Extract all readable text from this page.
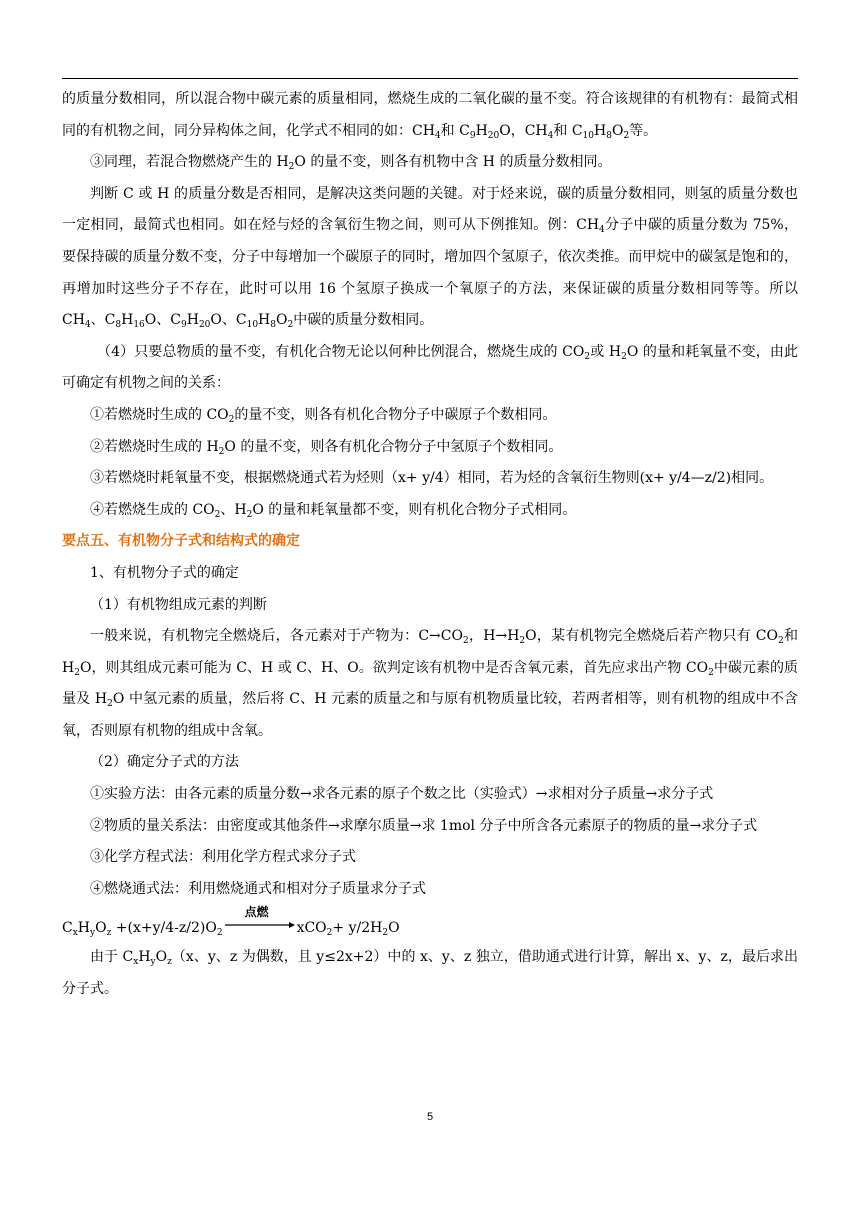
的质量分数相同，所以混合物中碳元素的质量相同，燃烧生成的二氧化碳的量不变。符合该规律的有机物有：最简式相同的有机物之间，同分异构体之间，化学式不相同的如：$CH_4$和 $C_9H_{20}O$，$CH_4$和 $C_{10}H_8O_2$等。

③同理，若混合物燃烧产生的 $H_2O$ 的量不变，则各有机物中含 H 的质量分数相同。

判断 C 或 H 的质量分数是否相同，是解决这类问题的关键。对于烃来说，碳的质量分数相同，则氢的质量分数也一定相同，最简式也相同。如在烃与烃的含氧衍生物之间，则可从下例推知。例：$CH_4$分子中碳的质量分数为 75%，要保持碳的质量分数不变，分子中每增加一个碳原子的同时，增加四个氢原子，依次类推。而甲烷中的碳氢是饱和的，再增加时这些分子不存在，此时可以用 16 个氢原子换成一个氧原子的方法，来保证碳的质量分数相同等等。所以 $CH_4$、$C_8H_{16}O$、$C_9H_{20}O$、$C_{10}H_8O_2$中碳的质量分数相同。

（4）只要总物质的量不变，有机化合物无论以何种比例混合，燃烧生成的 $CO_2$或 $H_2O$ 的量和耗氧量不变，由此可确定有机物之间的关系：

①若燃烧时生成的 $CO_2$的量不变，则各有机化合物分子中碳原子个数相同。

②若燃烧时生成的 $H_2O$ 的量不变，则各有机化合物分子中氢原子个数相同。

③若燃烧时耗氧量不变，根据燃烧通式若为烃则（x+ y/4）相同，若为烃的含氧衍生物则(x+ y/4—z/2)相同。

④若燃烧生成的 $CO_2$、$H_2O$ 的量和耗氧量都不变，则有机化合物分子式相同。

要点五、有机物分子式和结构式的确定

1、有机物分子式的确定

（1）有机物组成元素的判断

一般来说，有机物完全燃烧后，各元素对于产物为：$C\to CO_2$，$H\to H_2O$，某有机物完全燃烧后若产物只有 $CO_2$和 $H_2O$，则其组成元素可能为 C、H 或 C、H、O。欲判定该有机物中是否含氧元素，首先应求出产物 $CO_2$中碳元素的质量及 $H_2O$ 中氢元素的质量，然后将 C、H 元素的质量之和与原有机物质量比较，若两者相等，则有机物的组成中不含氧，否则原有机物的组成中含氧。

（2）确定分子式的方法

①实验方法：由各元素的质量分数→求各元素的原子个数之比（实验式）→求相对分子质量→求分子式

②物质的量关系法：由密度或其他条件→求摩尔质量→求 1mol 分子中所含各元素原子的物质的量→求分子式

③化学方程式法：利用化学方程式求分子式

④燃烧通式法：利用燃烧通式和相对分子质量求分子式

$C_xH_yO_z +(x+y/4-z/2)O_2$
点燃
$xCO_2+ y/2H_2O$

由于 $C_xH_yO_z(x$、y、z 为偶数，且 y≤2x+2）中的 x、y、z 独立，借助通式进行计算，解出 x、y、z，最后求出分子式。

5
